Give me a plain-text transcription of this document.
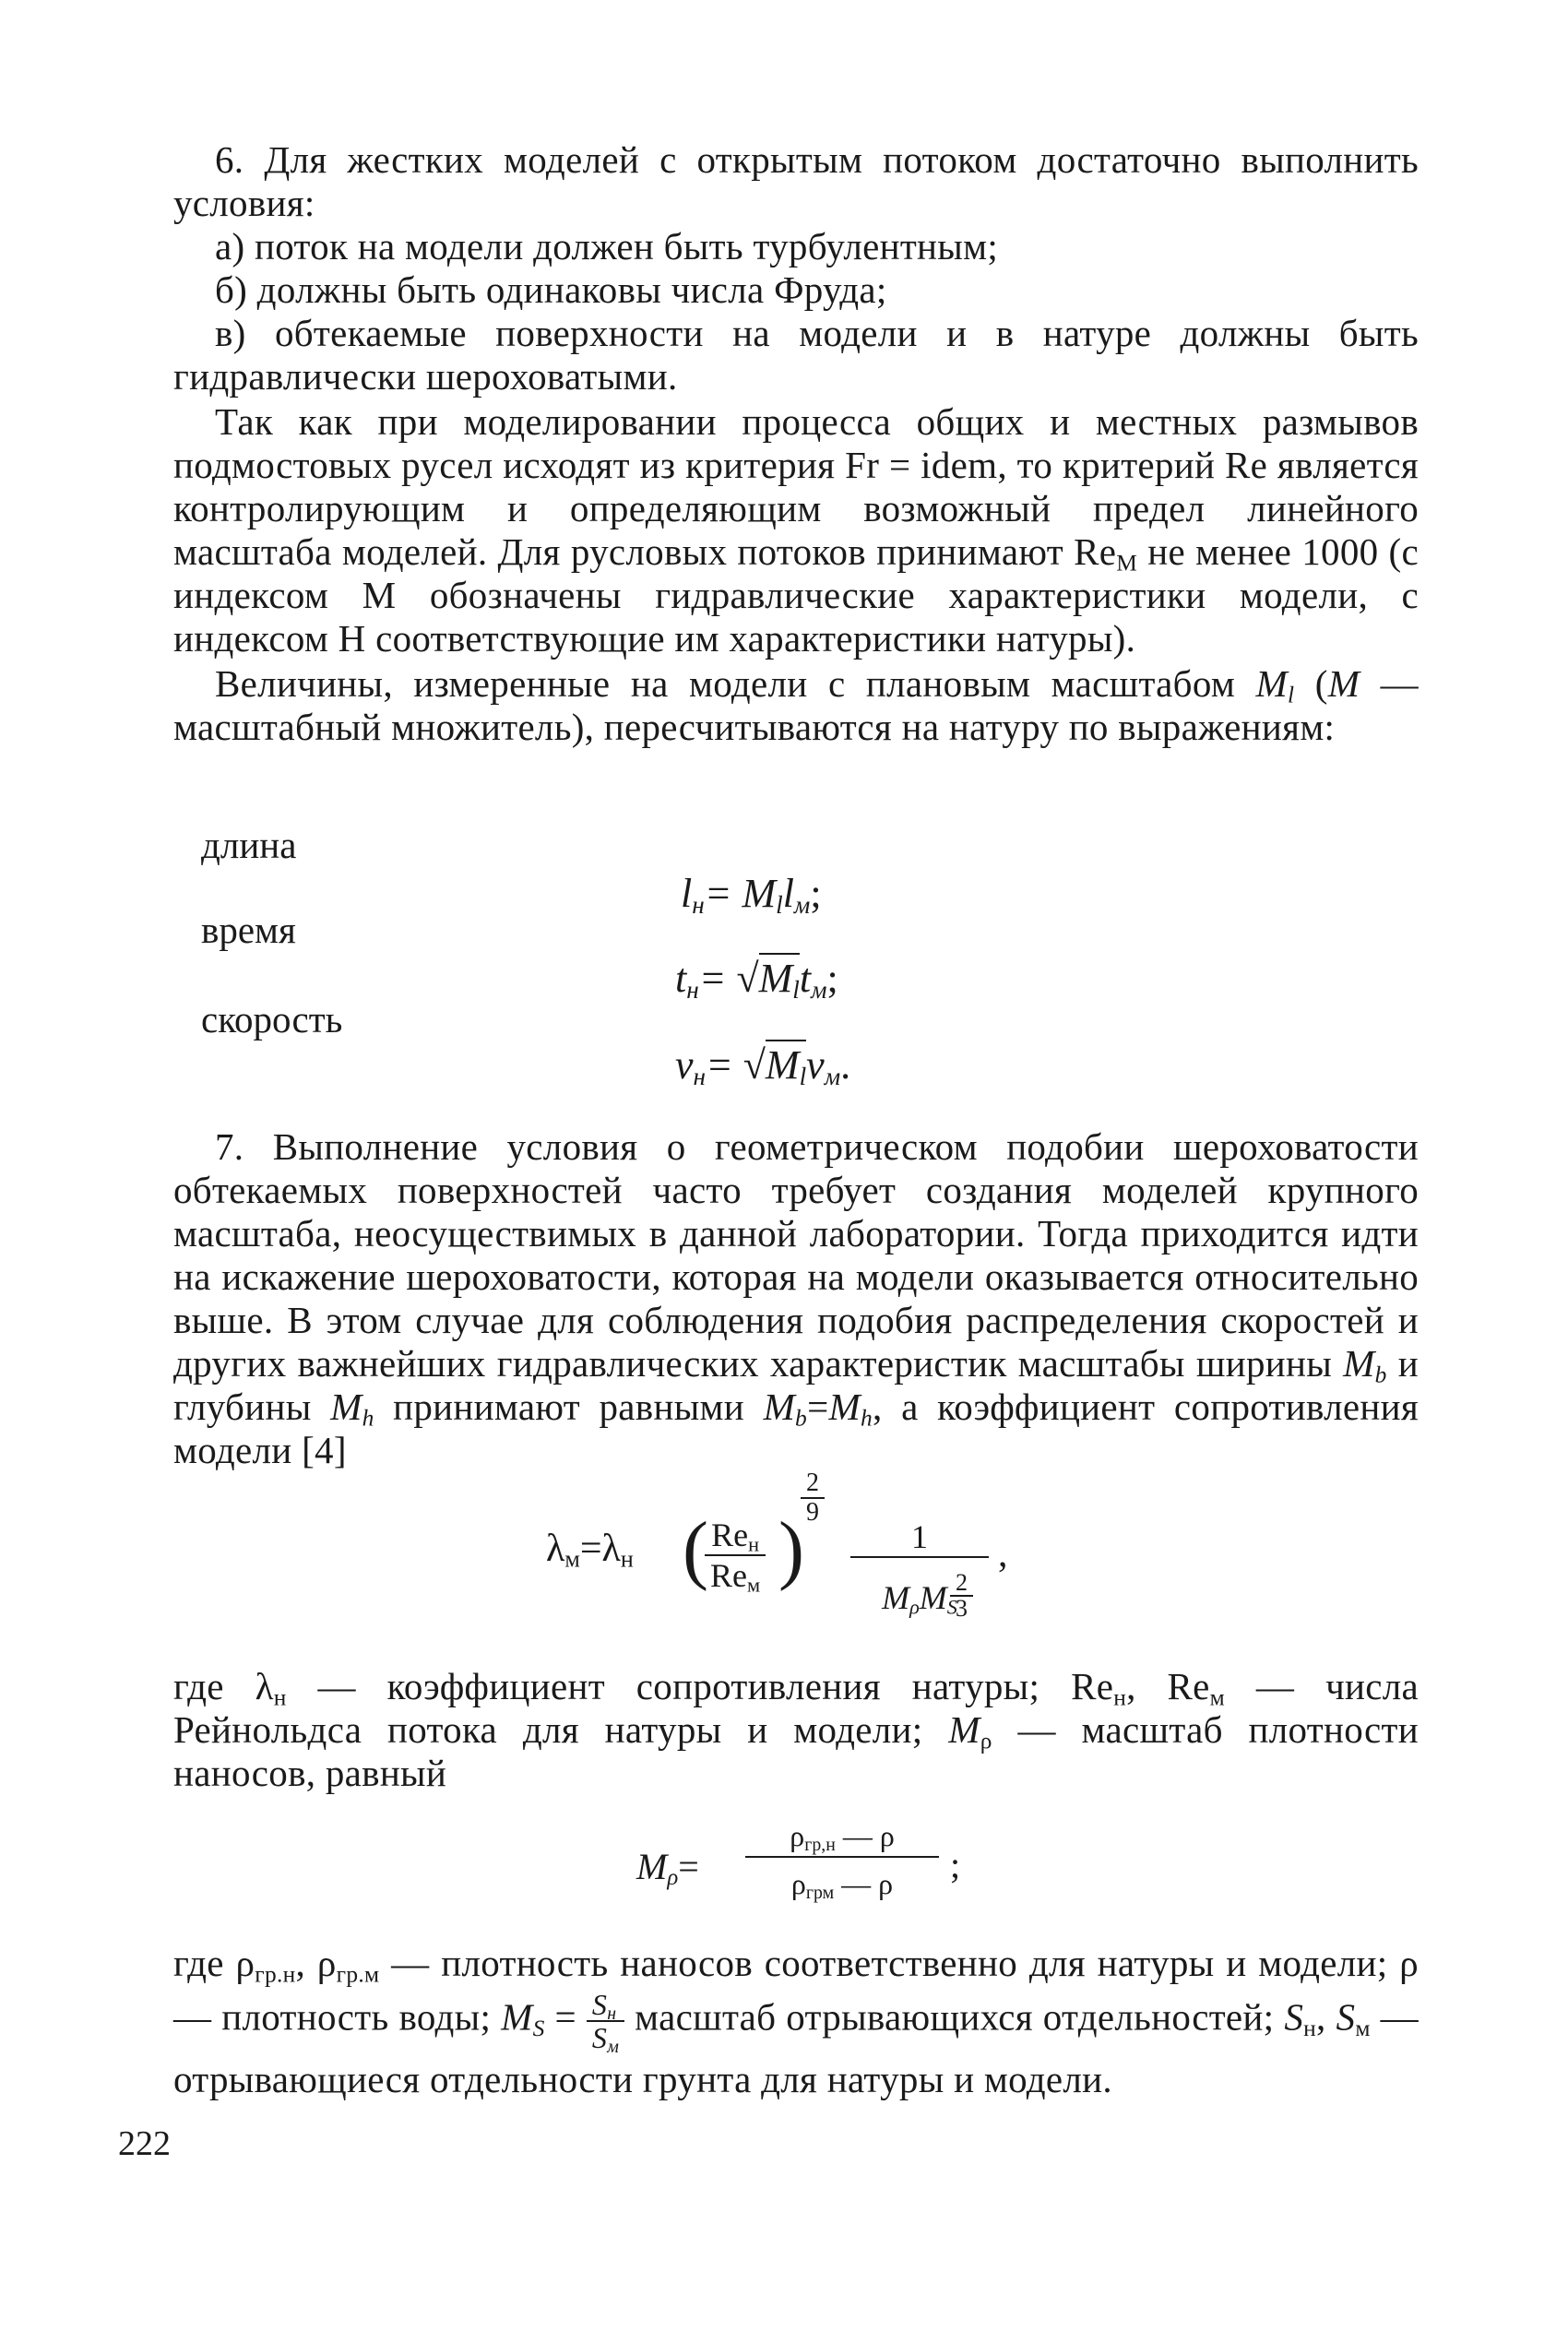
6. Для жестких моделей с открытым потоком достаточно выполнить условия:

а) поток на модели должен быть турбулентным;

б) должны быть одинаковы числа Фруда;

в) обтекаемые поверхности на модели и в натуре должны быть гидравлически шероховатыми.

Так как при моделировании процесса общих и местных размывов подмостовых русел исходят из критерия Fr = idem, то критерий Re является контролирующим и определяющим возможный предел линейного масштаба моделей. Для русловых потоков принимают $Re_М$ не менее 1000 (с индексом М обозначены гидравлические характеристики модели, с индексом Н соответствующие им характеристики натуры).

Величины, измеренные на модели с плановым масштабом $M_l$ (M — масштабный множитель), пересчитываются на натуру по выражениям:

длина
время
скорость
$l_н= M_ll_м$;
$t_н= √M_lt_м$;
$v_н= √M_lv_м$.

7. Выполнение условия о геометрическом подобии шероховатости обтекаемых поверхностей часто требует создания моделей крупного масштаба, неосуществимых в данной лаборатории. Тогда приходится идти на искажение шероховатости, которая на модели оказывается относительно выше. В этом случае для соблюдения подобия распределения скоростей и других важнейших гидравлических характеристик масштабы ширины $M_b$ и глубины $M_h$ принимают равными $M_b=M_h$, а коэффициент сопротивления модели [4]

$\lambda_м=\lambda_н$ ( $Re_н$
$Re_м$ )
$\frac{2}{9}$
1
$M_\rho M_S$
$\frac{2}{3}$
,

где $\lambda_н$ — коэффициент сопротивления натуры; $Re_н$, $Re_м$ — числа Рейнольдса потока для натуры и модели; $M_\rho$ — масштаб плотности наносов, равный

$M_\rho=$
$\rho_{гр,н}$ — ρ
$\rho_{грм}$ — ρ	;

где $\rho_{гр.н}$, $\rho_{гр.м}$ — плотность наносов соответственно для натуры и модели; ρ — плотность воды; $M_S = \frac{S_н}{S_м}$ масштаб отрывающихся отдельностей; $S_н$, $S_м$ — отрывающиеся отдельности грунта для натуры и модели.

222
